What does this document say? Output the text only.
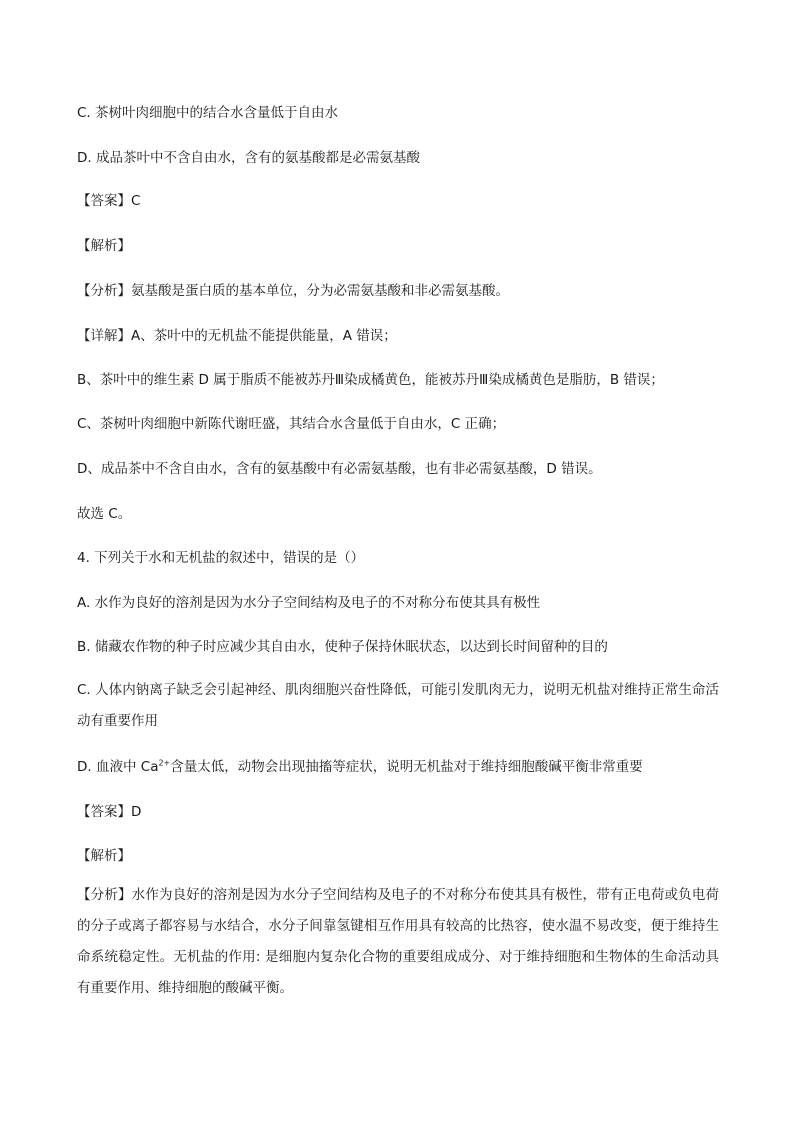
C. 茶树叶肉细胞中的结合水含量低于自由水
D. 成品茶叶中不含自由水，含有的氨基酸都是必需氨基酸
【答案】C
【解析】
【分析】氨基酸是蛋白质的基本单位，分为必需氨基酸和非必需氨基酸。
【详解】A、茶叶中的无机盐不能提供能量，A 错误；
B、茶叶中的维生素 D 属于脂质不能被苏丹Ⅲ染成橘黄色，能被苏丹Ⅲ染成橘黄色是脂肪，B 错误；
C、茶树叶肉细胞中新陈代谢旺盛，其结合水含量低于自由水，C 正确；
D、成品茶中不含自由水，含有的氨基酸中有必需氨基酸，也有非必需氨基酸，D 错误。
故选 C。
4. 下列关于水和无机盐的叙述中，错误的是（）
A. 水作为良好的溶剂是因为水分子空间结构及电子的不对称分布使其具有极性
B. 储藏农作物的种子时应减少其自由水，使种子保持休眠状态，以达到长时间留种的目的
C. 人体内钠离子缺乏会引起神经、肌肉细胞兴奋性降低，可能引发肌肉无力，说明无机盐对维持正常生命活动有重要作用
D. 血液中 $Ca^{2+}$含量太低，动物会出现抽搐等症状，说明无机盐对于维持细胞酸碱平衡非常重要
【答案】D
【解析】
【分析】水作为良好的溶剂是因为水分子空间结构及电子的不对称分布使其具有极性，带有正电荷或负电荷的分子或离子都容易与水结合，水分子间靠氢键相互作用具有较高的比热容，使水温不易改变，便于维持生命系统稳定性。无机盐的作用: 是细胞内复杂化合物的重要组成成分、对于维持细胞和生物体的生命活动具有重要作用、维持细胞的酸碱平衡。
